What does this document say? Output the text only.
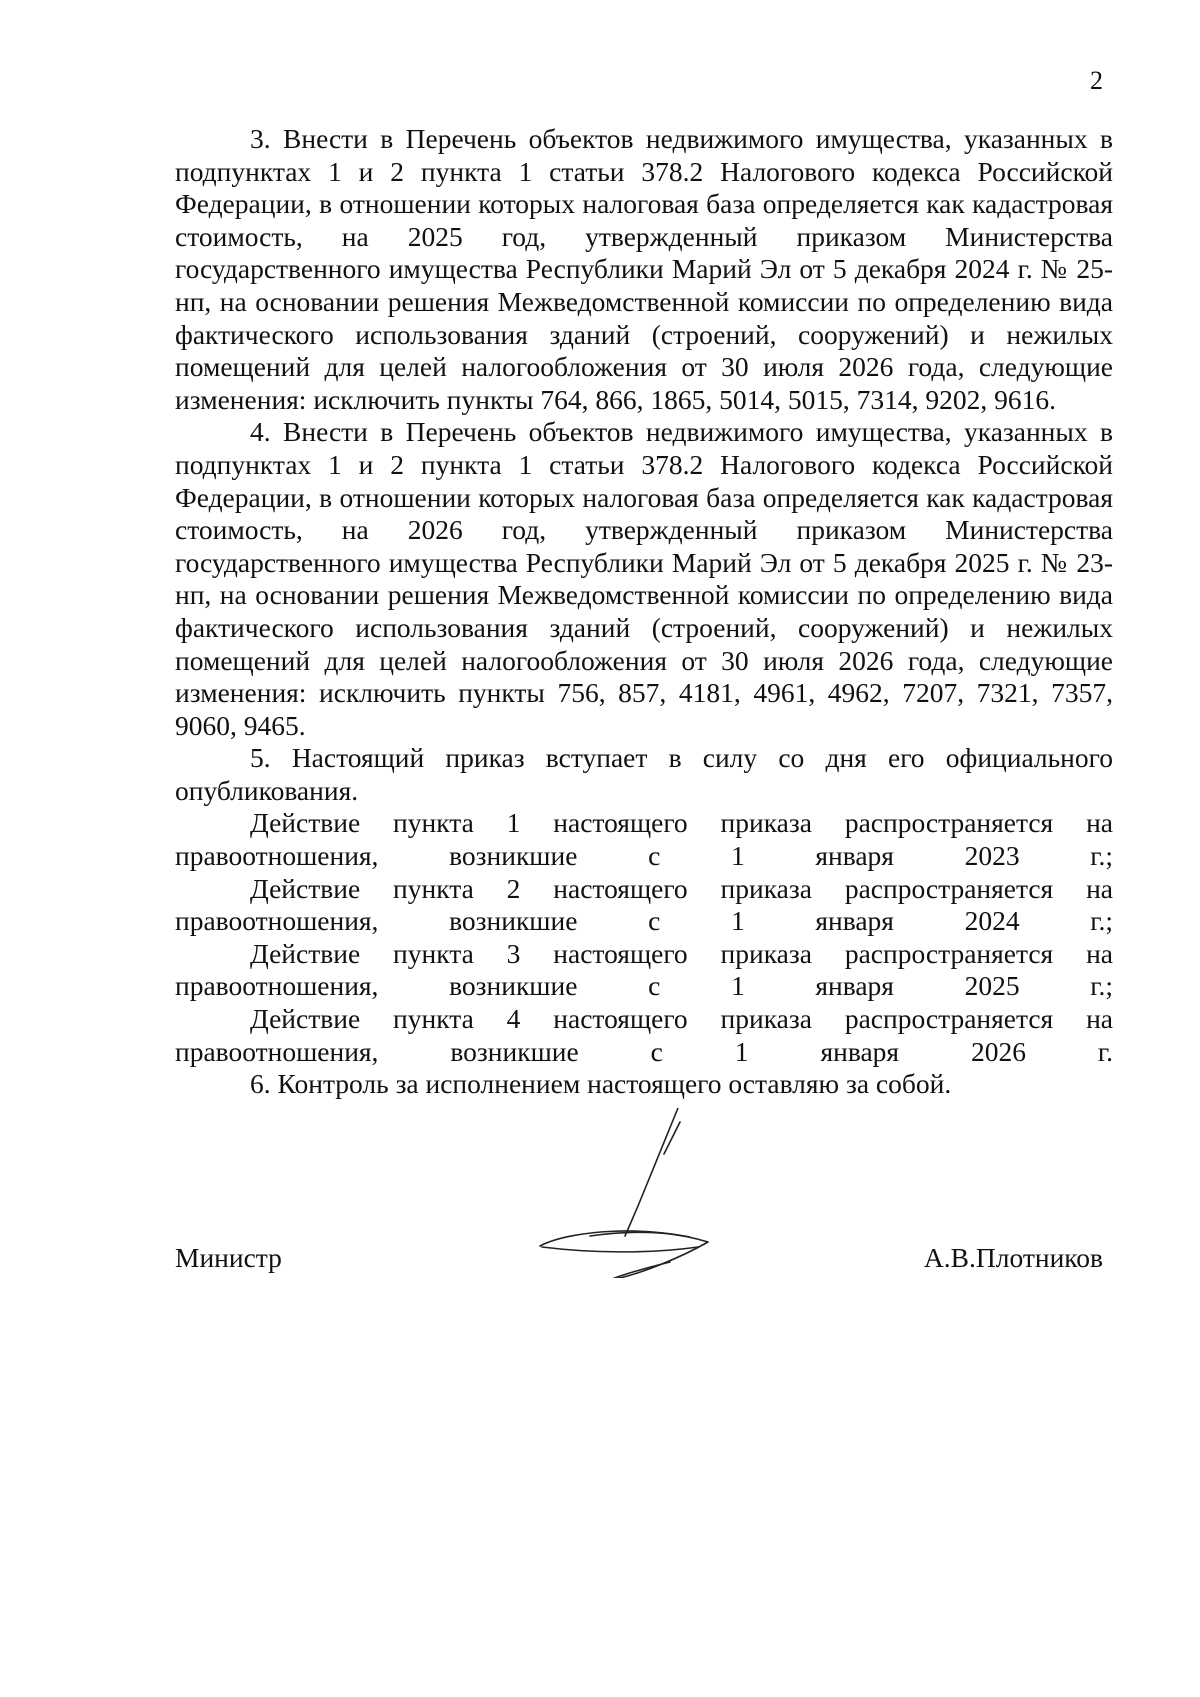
2

3. Внести в Перечень объектов недвижимого имущества, указанных в подпунктах 1 и 2 пункта 1 статьи 378.2 Налогового кодекса Российской Федерации, в отношении которых налоговая база определяется как кадастровая стоимость, на 2025 год, утвержденный приказом Министерства государственного имущества Республики Марий Эл от 5 декабря 2024 г. № 25-нп, на основании решения Межведомственной комиссии по определению вида фактического использования зданий (строений, сооружений) и нежилых помещений для целей налогообложения от 30 июля 2026 года, следующие изменения: исключить пункты 764, 866, 1865, 5014, 5015, 7314, 9202, 9616.

4. Внести в Перечень объектов недвижимого имущества, указанных в подпунктах 1 и 2 пункта 1 статьи 378.2 Налогового кодекса Российской Федерации, в отношении которых налоговая база определяется как кадастровая стоимость, на 2026 год, утвержденный приказом Министерства государственного имущества Республики Марий Эл от 5 декабря 2025 г. № 23-нп, на основании решения Межведомственной комиссии по определению вида фактического использования зданий (строений, сооружений) и нежилых помещений для целей налогообложения от 30 июля 2026 года, следующие изменения: исключить пункты 756, 857, 4181, 4961, 4962, 7207, 7321, 7357, 9060, 9465.

5. Настоящий приказ вступает в силу со дня его официального опубликования.

Действие пункта 1 настоящего приказа распространяется на правоотношения, возникшие с 1 января 2023 г.;

Действие пункта 2 настоящего приказа распространяется на правоотношения, возникшие с 1 января 2024 г.;

Действие пункта 3 настоящего приказа распространяется на правоотношения, возникшие с 1 января 2025 г.;

Действие пункта 4 настоящего приказа распространяется на правоотношения, возникшие с 1 января 2026 г.

6. Контроль за исполнением настоящего оставляю за собой.

Министр	А.В.Плотников
